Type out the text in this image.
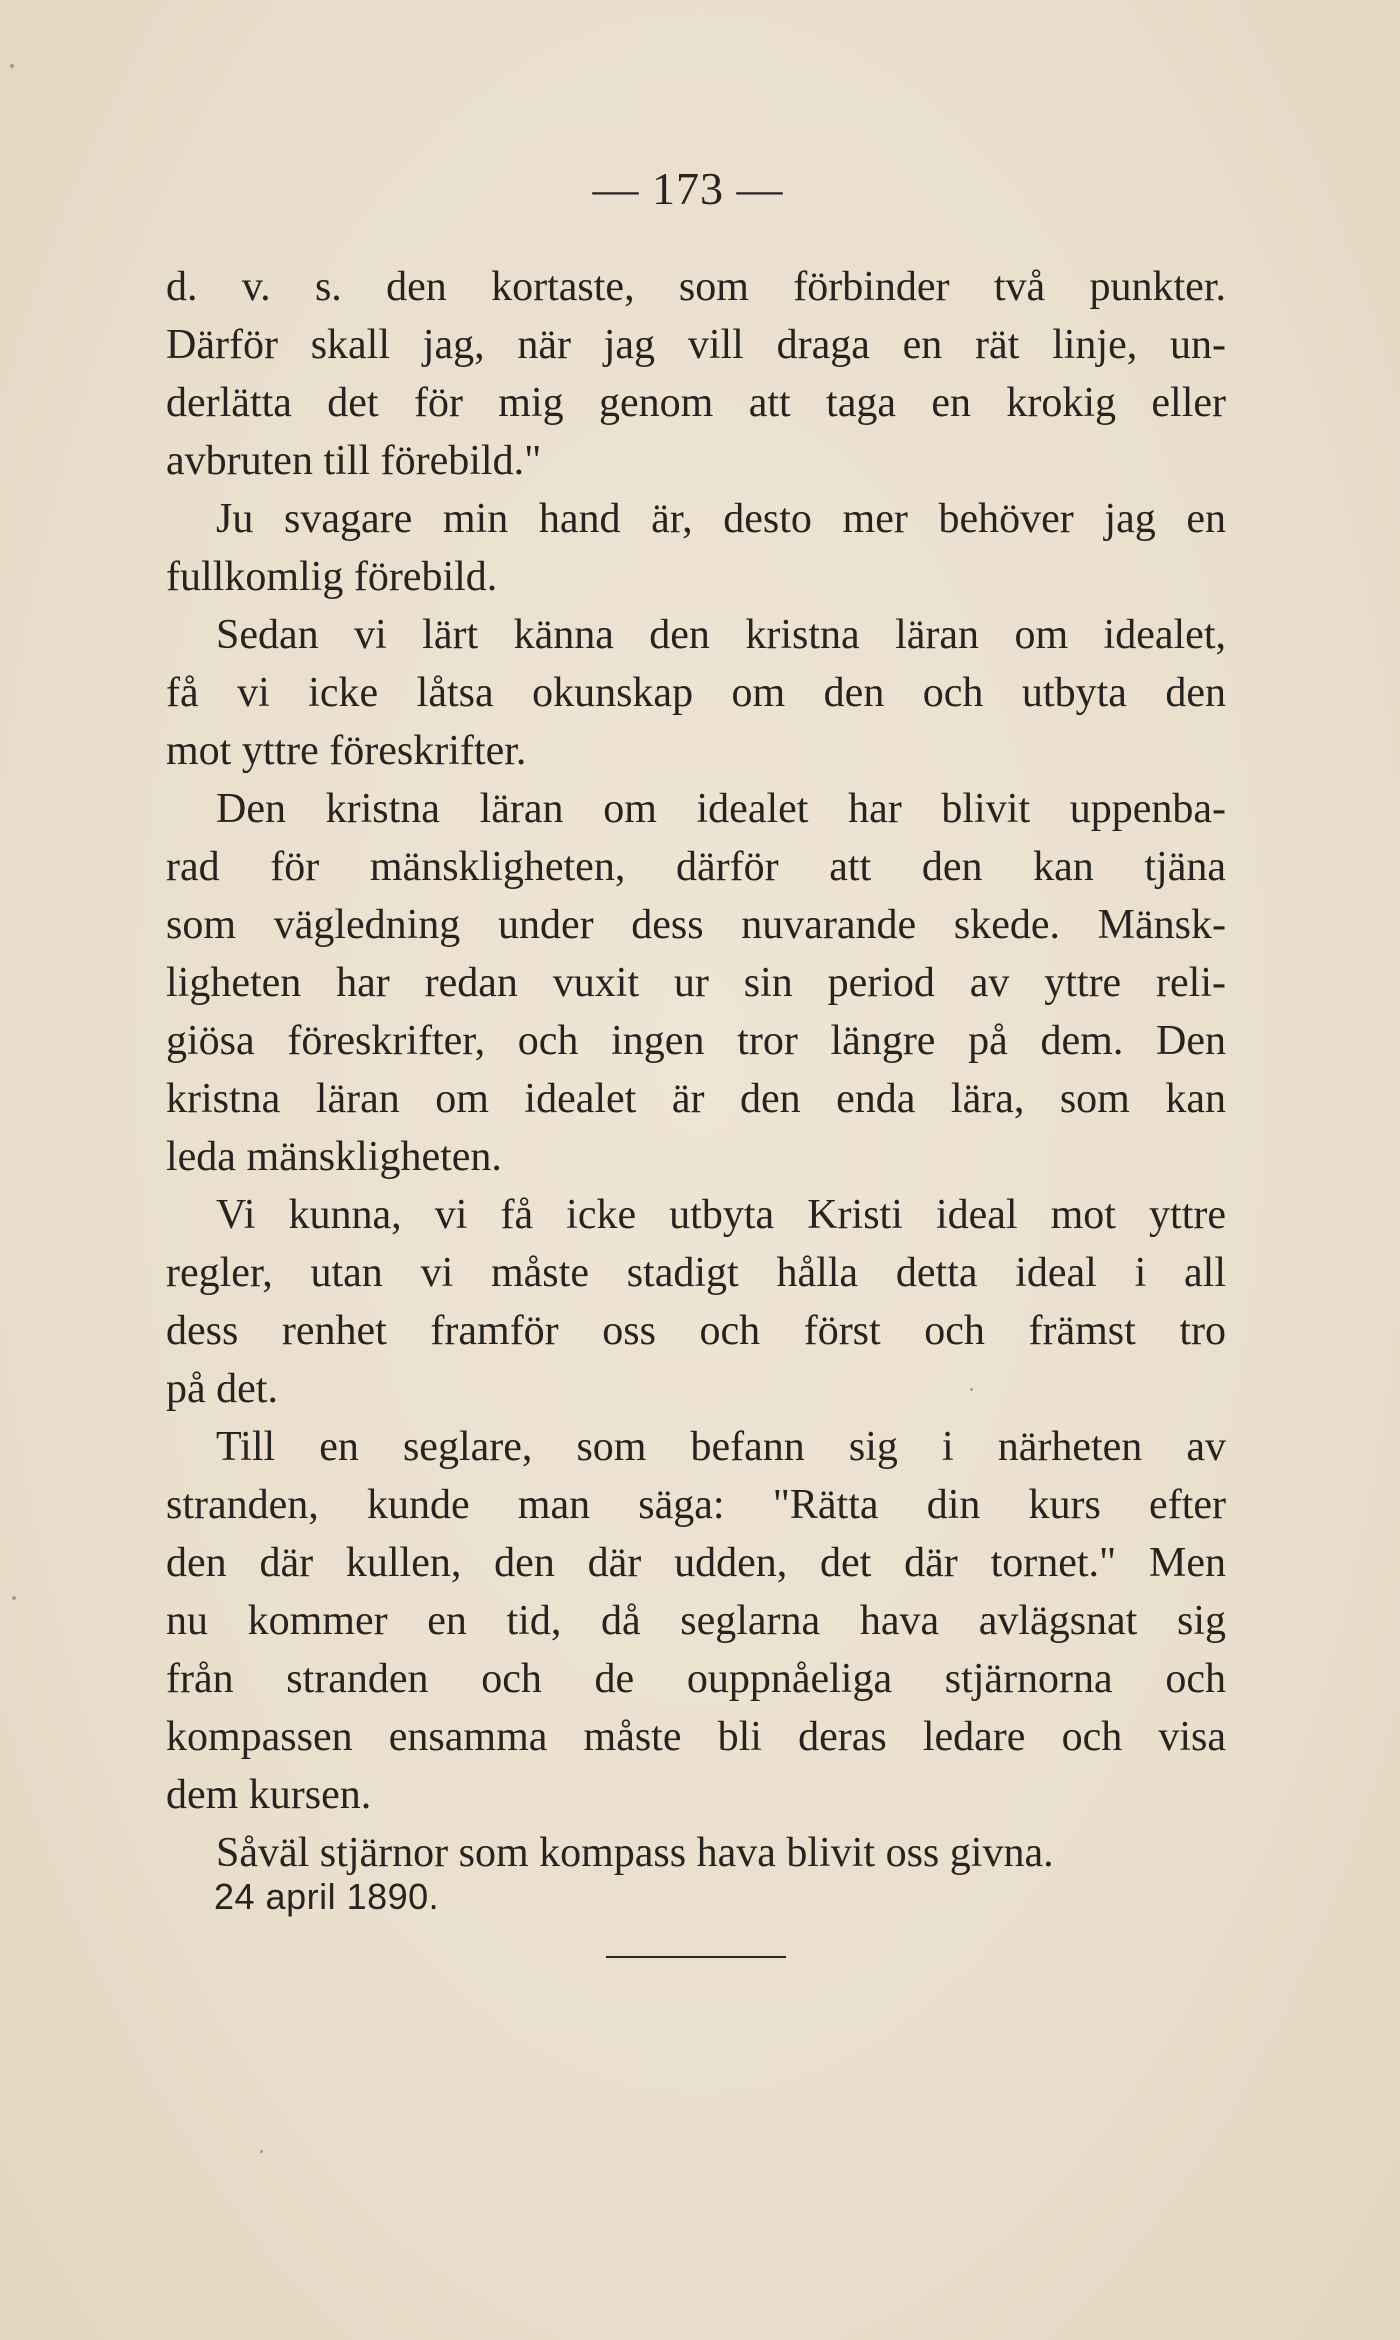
— 173 —
d. v. s. den kortaste, som förbinder två punkter.
Därför skall jag, när jag vill draga en rät linje, un-
derlätta det för mig genom att taga en krokig eller
avbruten till förebild."
Ju svagare min hand är, desto mer behöver jag en
fullkomlig förebild.
Sedan vi lärt känna den kristna läran om idealet,
få vi icke låtsa okunskap om den och utbyta den
mot yttre föreskrifter.
Den kristna läran om idealet har blivit uppenba-
rad för mänskligheten, därför att den kan tjäna
som vägledning under dess nuvarande skede. Mänsk-
ligheten har redan vuxit ur sin period av yttre reli-
giösa föreskrifter, och ingen tror längre på dem. Den
kristna läran om idealet är den enda lära, som kan
leda mänskligheten.
Vi kunna, vi få icke utbyta Kristi ideal mot yttre
regler, utan vi måste stadigt hålla detta ideal i all
dess renhet framför oss och först och främst tro
på det.
Till en seglare, som befann sig i närheten av
stranden, kunde man säga: "Rätta din kurs efter
den där kullen, den där udden, det där tornet." Men
nu kommer en tid, då seglarna hava avlägsnat sig
från stranden och de ouppnåeliga stjärnorna och
kompassen ensamma måste bli deras ledare och visa
dem kursen.
Såväl stjärnor som kompass hava blivit oss givna.
24 april 1890.
